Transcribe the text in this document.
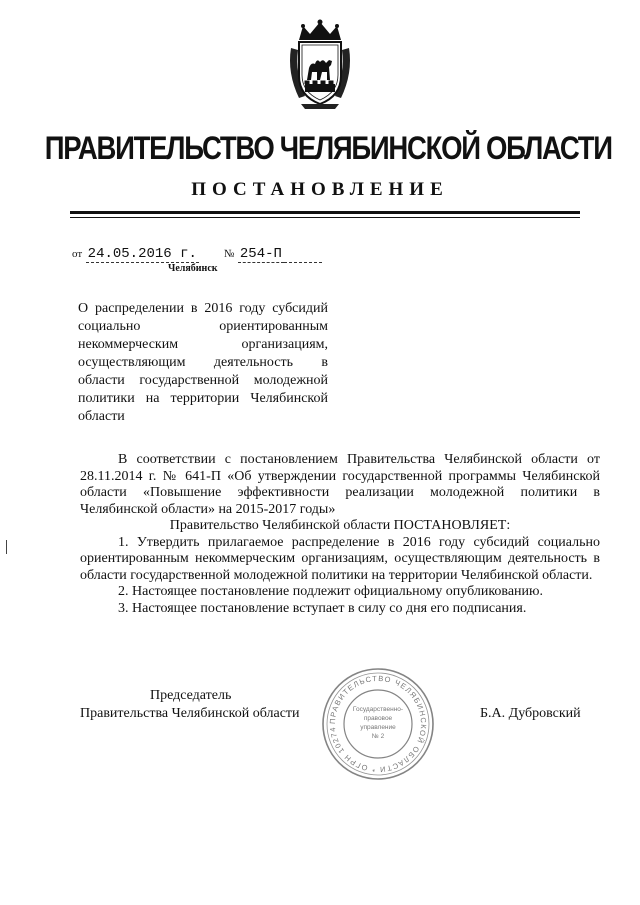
ПРАВИТЕЛЬСТВО ЧЕЛЯБИНСКОЙ ОБЛАСТИ
ПОСТАНОВЛЕНИЕ
от 24.05.2016 г. № 254-П
Челябинск
О распределении в 2016 году субсидий социально ориентированным некоммерческим организациям, осуществляющим деятельность в области государственной молодежной политики на территории Челябинской области

В соответствии с постановлением Правительства Челябинской области от 28.11.2014 г. № 641-П «Об утверждении государственной программы Челябинской области «Повышение эффективности реализации молодежной политики в Челябинской области» на 2015-2017 годы»

Правительство Челябинской области ПОСТАНОВЛЯЕТ:

1. Утвердить прилагаемое распределение в 2016 году субсидий социально ориентированным некоммерческим организациям, осуществляющим деятельность в области государственной молодежной политики на территории Челябинской области.

2. Настоящее постановление подлежит официальному опубликованию.

3. Настоящее постановление вступает в силу со дня его подписания.

Председатель
Правительства Челябинской области	Б.А. Дубровский
ПРАВИТЕЛЬСТВО ЧЕЛЯБИНСКОЙ ОБЛАСТИ * ОГРН 10274
Государственно-
правовое
управление
№ 2
